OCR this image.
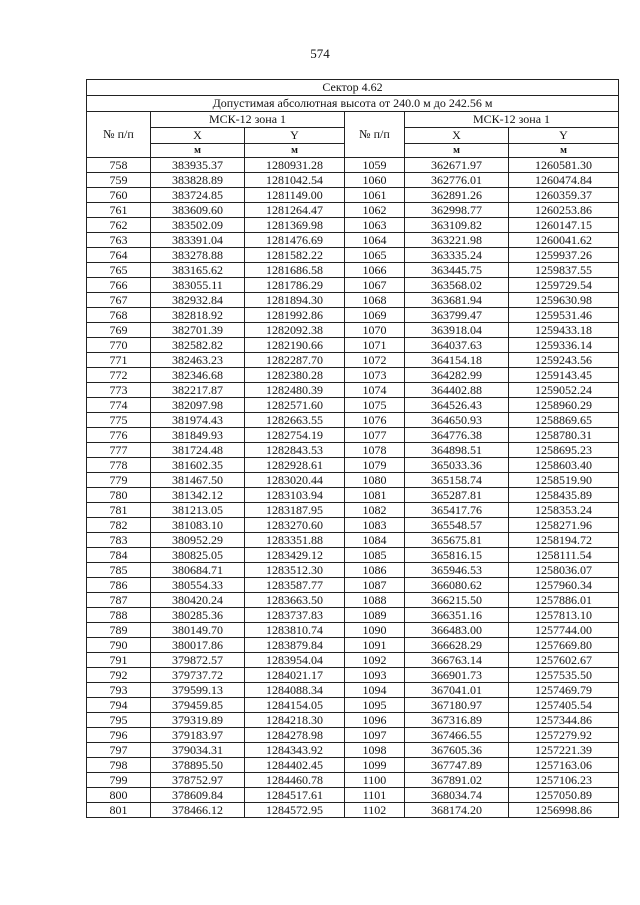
574
Сектор 4.62					
Допустимая абсолютная высота от 240.0 м до 242.56 м					
№ п/п	МСК-12 зона 1		№ п/п	МСК-12 зона 1	
	X	Y		X	Y
	м	м		м	м
758	383935.37	1280931.28	1059	362671.97	1260581.30
759	383828.89	1281042.54	1060	362776.01	1260474.84
760	383724.85	1281149.00	1061	362891.26	1260359.37
761	383609.60	1281264.47	1062	362998.77	1260253.86
762	383502.09	1281369.98	1063	363109.82	1260147.15
763	383391.04	1281476.69	1064	363221.98	1260041.62
764	383278.88	1281582.22	1065	363335.24	1259937.26
765	383165.62	1281686.58	1066	363445.75	1259837.55
766	383055.11	1281786.29	1067	363568.02	1259729.54
767	382932.84	1281894.30	1068	363681.94	1259630.98
768	382818.92	1281992.86	1069	363799.47	1259531.46
769	382701.39	1282092.38	1070	363918.04	1259433.18
770	382582.82	1282190.66	1071	364037.63	1259336.14
771	382463.23	1282287.70	1072	364154.18	1259243.56
772	382346.68	1282380.28	1073	364282.99	1259143.45
773	382217.87	1282480.39	1074	364402.88	1259052.24
774	382097.98	1282571.60	1075	364526.43	1258960.29
775	381974.43	1282663.55	1076	364650.93	1258869.65
776	381849.93	1282754.19	1077	364776.38	1258780.31
777	381724.48	1282843.53	1078	364898.51	1258695.23
778	381602.35	1282928.61	1079	365033.36	1258603.40
779	381467.50	1283020.44	1080	365158.74	1258519.90
780	381342.12	1283103.94	1081	365287.81	1258435.89
781	381213.05	1283187.95	1082	365417.76	1258353.24
782	381083.10	1283270.60	1083	365548.57	1258271.96
783	380952.29	1283351.88	1084	365675.81	1258194.72
784	380825.05	1283429.12	1085	365816.15	1258111.54
785	380684.71	1283512.30	1086	365946.53	1258036.07
786	380554.33	1283587.77	1087	366080.62	1257960.34
787	380420.24	1283663.50	1088	366215.50	1257886.01
788	380285.36	1283737.83	1089	366351.16	1257813.10
789	380149.70	1283810.74	1090	366483.00	1257744.00
790	380017.86	1283879.84	1091	366628.29	1257669.80
791	379872.57	1283954.04	1092	366763.14	1257602.67
792	379737.72	1284021.17	1093	366901.73	1257535.50
793	379599.13	1284088.34	1094	367041.01	1257469.79
794	379459.85	1284154.05	1095	367180.97	1257405.54
795	379319.89	1284218.30	1096	367316.89	1257344.86
796	379183.97	1284278.98	1097	367466.55	1257279.92
797	379034.31	1284343.92	1098	367605.36	1257221.39
798	378895.50	1284402.45	1099	367747.89	1257163.06
799	378752.97	1284460.78	1100	367891.02	1257106.23
800	378609.84	1284517.61	1101	368034.74	1257050.89
801	378466.12	1284572.95	1102	368174.20	1256998.86
